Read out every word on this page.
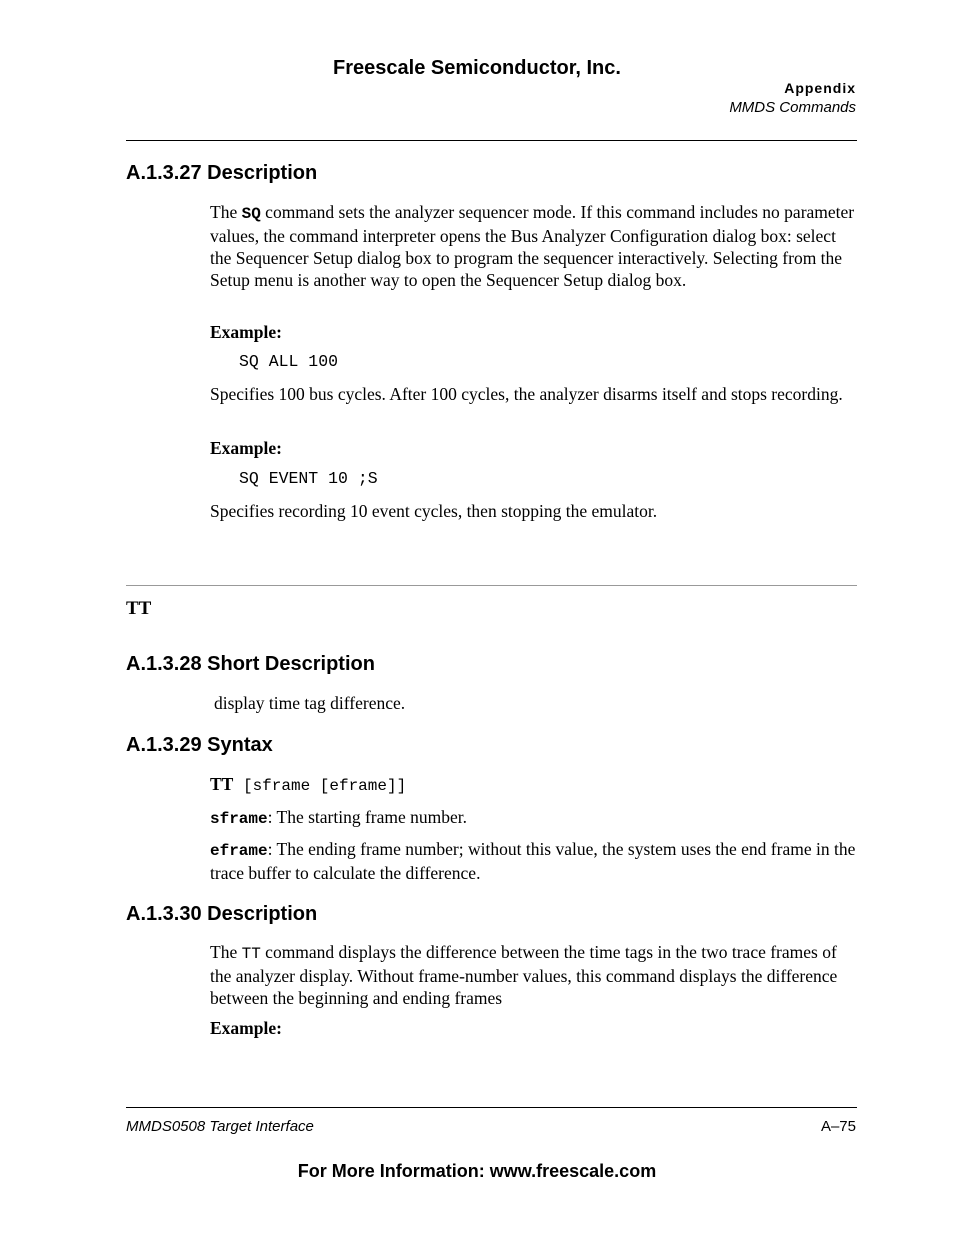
Freescale Semiconductor, Inc.
Appendix
MMDS Commands
A.1.3.27 Description
The SQ command sets the analyzer sequencer mode. If this command includes no parameter values, the command interpreter opens the Bus Analyzer Configuration dialog box: select the Sequencer Setup dialog box to program the sequencer interactively. Selecting from the Setup menu is another way to open the Sequencer Setup dialog box.
Example:
SQ ALL 100
Specifies 100 bus cycles. After 100 cycles, the analyzer disarms itself and stops recording.
Example:
SQ EVENT 10 ;S
Specifies recording 10 event cycles, then stopping the emulator.
TT
A.1.3.28 Short Description
display time tag difference.
A.1.3.29 Syntax
TT [sframe [eframe]]
sframe: The starting frame number.
eframe: The ending frame number; without this value, the system uses the end frame in the trace buffer to calculate the difference.
A.1.3.30 Description
The TT command displays the difference between the time tags in the two trace frames of the analyzer display. Without frame-number values, this command displays the difference between the beginning and ending frames
Example:
MMDS0508 Target Interface	A–75
For More Information: www.freescale.com
